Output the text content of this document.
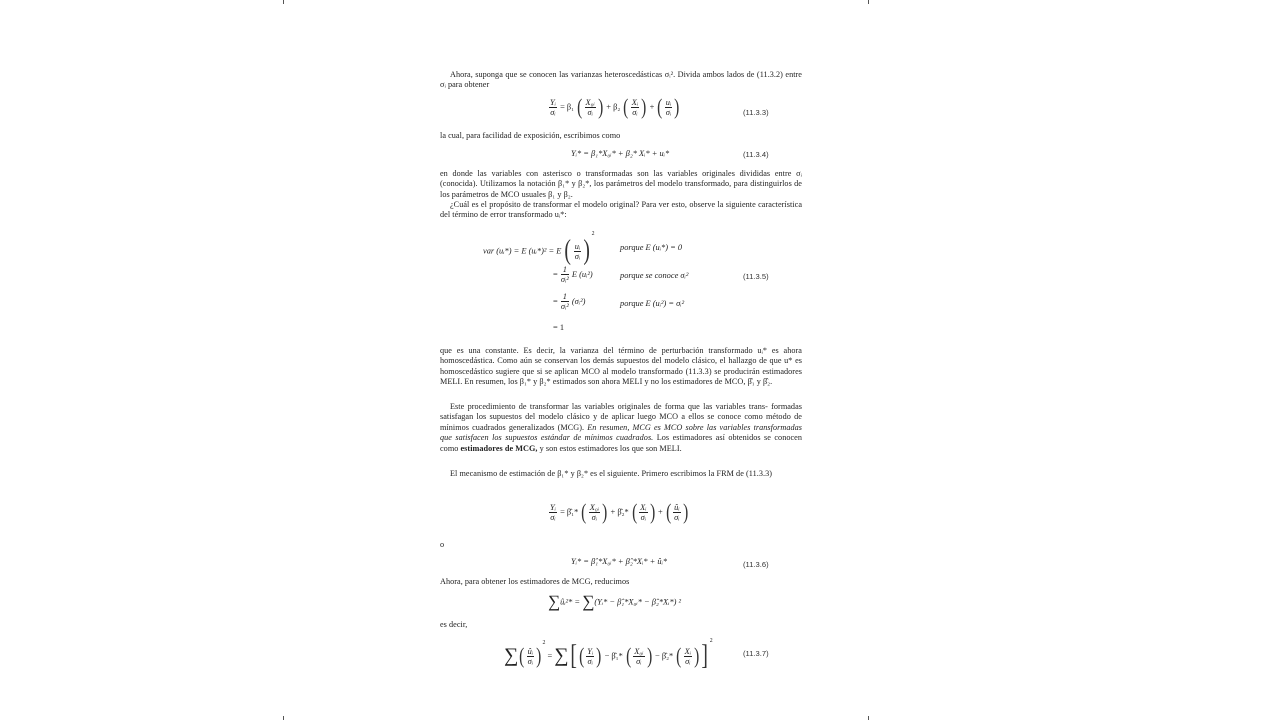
Ahora, suponga que se conocen las varianzas heteroscedásticas σᵢ². Divida ambos lados de (11.3.2) entre σᵢ para obtener
$\frac{\text{Yᵢ}}{\text{σᵢ}} = \beta_1$ ( $\frac{\text{X₀ᵢ}}{\text{σᵢ}}$ ) + β₂ ( $\frac{\text{Xᵢ}}{\text{σᵢ}}$ ) + ( $\frac{\text{uᵢ}}{\text{σᵢ}}$ )	(11.3.3)
la cual, para facilidad de exposición, escribimos como
Yᵢ* = β₁*X₀ᵢ* + β₂* Xᵢ* + uᵢ*	(11.3.4)
en donde las variables con asterisco o transformadas son las variables originales divididas entre σᵢ (conocida). Utilizamos la notación β₁* y β₂*, los parámetros del modelo transformado, para distinguirlos de los parámetros de MCO usuales β₁ y β₂.
¿Cuál es el propósito de transformar el modelo original? Para ver esto, observe la siguiente característica del término de error transformado uᵢ*:
var (uᵢ*) = E (uᵢ*)² = E ( $\frac{\text{uᵢ}}{\text{σᵢ}} )^2$
porque E (uᵢ*) = 0
= $\frac{1}{\text{σᵢ²}}$ E (uᵢ²)	porque se conoce σᵢ²	(11.3.5)
= $\frac{1}{\text{σᵢ²}}$ (σᵢ²)	porque E (uᵢ²) = σᵢ²
= 1
que es una constante. Es decir, la varianza del término de perturbación transformado uᵢ* es ahora homoscedástica. Como aún se conservan los demás supuestos del modelo clásico, el hallazgo de que u* es homoscedástico sugiere que si se aplican MCO al modelo transformado (11.3.3) se producirán estimadores MELI. En resumen, los β₁* y β₂* estimados son ahora MELI y no los estimadores de MCO, β̂₁ y β̂₂.
Este procedimiento de transformar las variables originales de forma que las variables trans- formadas satisfagan los supuestos del modelo clásico y de aplicar luego MCO a ellos se conoce como método de mínimos cuadrados generalizados (MCG). En resumen, MCG es MCO sobre las variables transformadas que satisfacen los supuestos estándar de mínimos cuadrados. Los estimadores así obtenidos se conocen como estimadores de MCG, y son estos estimadores los que son MELI.
El mecanismo de estimación de β₁* y β₂* es el siguiente. Primero escribimos la FRM de (11.3.3)
$\frac{\text{Yᵢ}}{\text{σᵢ}}$ = β̂₁* ( $\frac{\text{X₀ᵢ}}{\text{σᵢ}}$ ) + β̂₂* ( $\frac{\text{Xᵢ}}{\text{σᵢ}}$ ) + ( $\frac{\text{ûᵢ}}{\text{σᵢ}}$ )
o
Yᵢ* = β̂₁*X₀ᵢ* + β̂₂*Xᵢ* + ûᵢ*	(11.3.6)
Ahora, para obtener los estimadores de MCG, reducimos
∑ûᵢ²* = ∑(Yᵢ* − β̂₁*X₀ᵢ* − β̂₂*Xᵢ*) ²
es decir,
∑( $\frac{\text{ûᵢ}}{\text{σᵢ}} )^2$ = ∑[ ( $\frac{\text{Yᵢ}}{\text{σᵢ}}$ ) − β̂₁* ( $\frac{\text{X₀ᵢ}}{\text{σᵢ}}$ ) − β̂₂* ( $\frac{\text{Xᵢ}}{\text{σᵢ}} )]^2$
(11.3.7)
